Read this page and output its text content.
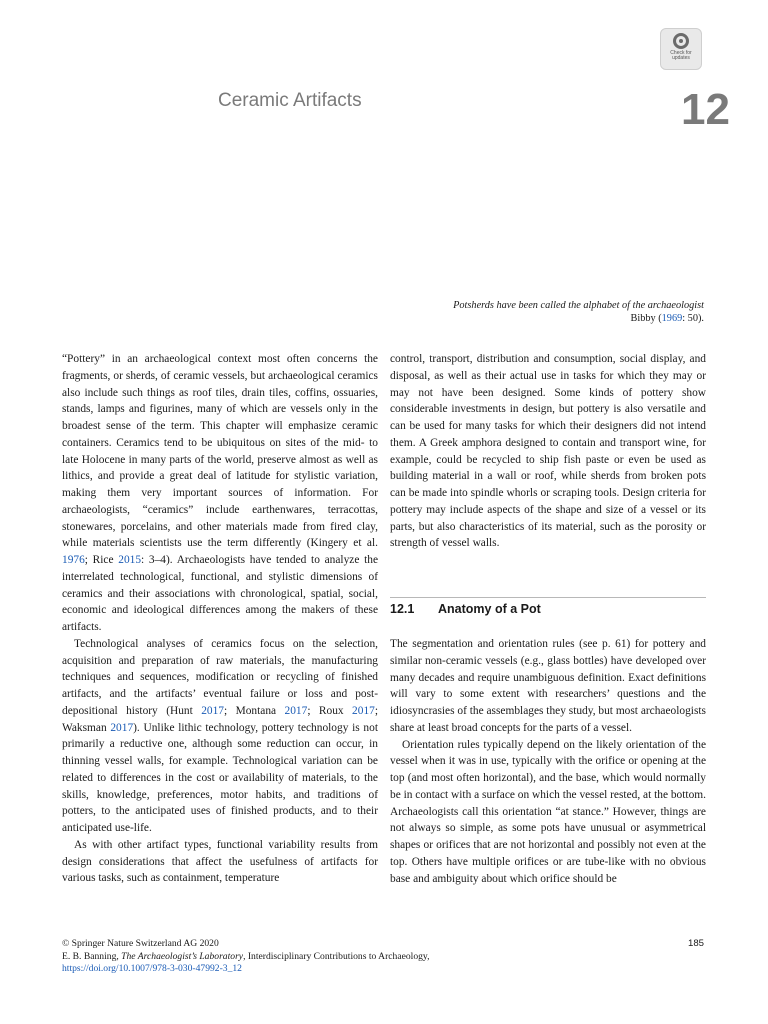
Check for
updates
Ceramic Artifacts	12
Potsherds have been called the alphabet of the archaeologist
Bibby (1969: 50).

“Pottery” in an archaeological context most often concerns the fragments, or sherds, of ceramic vessels, but archaeological ceramics also include such things as roof tiles, drain tiles, coffins, ossuaries, stands, lamps and figurines, many of which are vessels only in the broadest sense of the term. This chapter will emphasize ceramic containers. Ceramics tend to be ubiquitous on sites of the mid- to late Holocene in many parts of the world, preserve almost as well as lithics, and provide a great deal of latitude for stylistic variation, making them very important sources of information. For archaeologists, “ceramics” include earthenwares, terracottas, stonewares, porcelains, and other materials made from fired clay, while materials scientists use the term differently (Kingery et al. 1976; Rice 2015: 3–4). Archaeologists have tended to analyze the interrelated technological, functional, and stylistic dimensions of ceramics and their associations with chronological, spatial, social, economic and ideological differences among the makers of these artifacts.

Technological analyses of ceramics focus on the selection, acquisition and preparation of raw materials, the manufacturing techniques and sequences, modification or recycling of finished artifacts, and the artifacts’ eventual failure or loss and post-depositional history (Hunt 2017; Montana 2017; Roux 2017; Waksman 2017). Unlike lithic technology, pottery technology is not primarily a reductive one, although some reduction can occur, in thinning vessel walls, for example. Technological variation can be related to differences in the cost or availability of materials, to the skills, knowledge, preferences, motor habits, and traditions of potters, to the anticipated uses of finished products, and to their anticipated use-life.

As with other artifact types, functional variability results from design considerations that affect the usefulness of artifacts for various tasks, such as containment, temperature

control, transport, distribution and consumption, social display, and disposal, as well as their actual use in tasks for which they may or may not have been designed. Some kinds of pottery show considerable investments in design, but pottery is also versatile and can be used for many tasks for which their designers did not intend them. A Greek amphora designed to contain and transport wine, for example, could be recycled to ship fish paste or even be used as building material in a wall or roof, while sherds from broken pots can be made into spindle whorls or scraping tools. Design criteria for pottery may include aspects of the shape and size of a vessel or its parts, but also characteristics of its material, such as the porosity or strength of vessel walls.

12.1 Anatomy of a Pot

The segmentation and orientation rules (see p. 61) for pottery and similar non-ceramic vessels (e.g., glass bottles) have developed over many decades and require unambiguous definition. Exact definitions will vary to some extent with researchers’ questions and the idiosyncrasies of the assemblages they study, but most archaeologists share at least broad concepts for the parts of a vessel.

Orientation rules typically depend on the likely orientation of the vessel when it was in use, typically with the orifice or opening at the top (and most often horizontal), and the base, which would normally be in contact with a surface on which the vessel rested, at the bottom. Archaeologists call this orientation “at stance.” However, things are not always so simple, as some pots have unusual or asymmetrical shapes or orifices that are not horizontal and possibly not even at the top. Others have multiple orifices or are tube-like with no obvious base and ambiguity about which orifice should be

© Springer Nature Switzerland AG 2020
E. B. Banning, The Archaeologist’s Laboratory, Interdisciplinary Contributions to Archaeology,
https://doi.org/10.1007/978-3-030-47992-3_12
185
